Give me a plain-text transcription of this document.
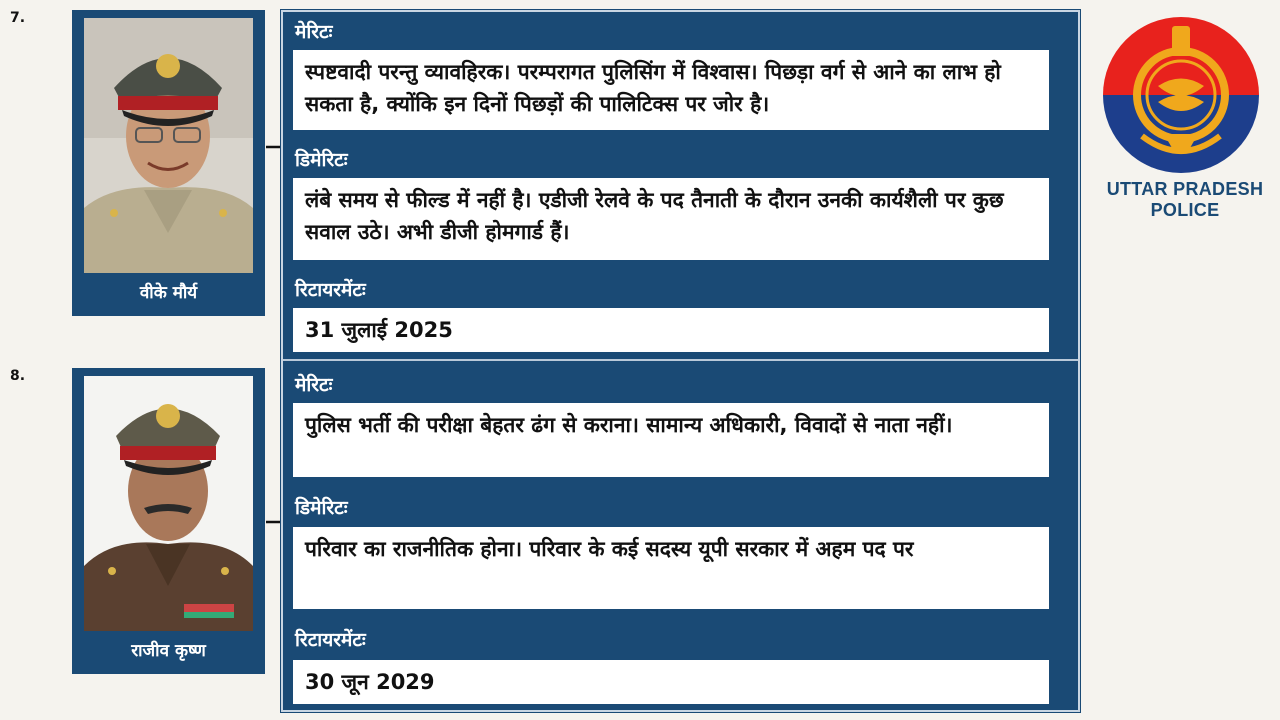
7.
वीके मौर्य
8.
राजीव कृष्ण
मेरिटः
स्पष्टवादी परन्तु व्यावहिरक। परम्परागत पुलिसिंग में विश्वास। पिछड़ा वर्ग से आने का लाभ हो सकता है, क्योंकि इन दिनों पिछड़ों की पालिटिक्स पर जोर है।
डिमेरिटः
लंबे समय से फील्ड में नहीं है। एडीजी रेलवे के पद तैनाती के दौरान उनकी कार्यशैली पर कुछ सवाल उठे। अभी डीजी होमगार्ड हैं।
रिटायरमेंटः
31 जुलाई 2025
मेरिटः
पुलिस भर्ती की परीक्षा बेहतर ढंग से कराना। सामान्य अधिकारी, विवादों से नाता नहीं।
डिमेरिटः
परिवार का राजनीतिक होना। परिवार के कई सदस्य यूपी सरकार में अहम पद पर
रिटायरमेंटः
30 जून 2029
UTTAR PRADESH
POLICE
